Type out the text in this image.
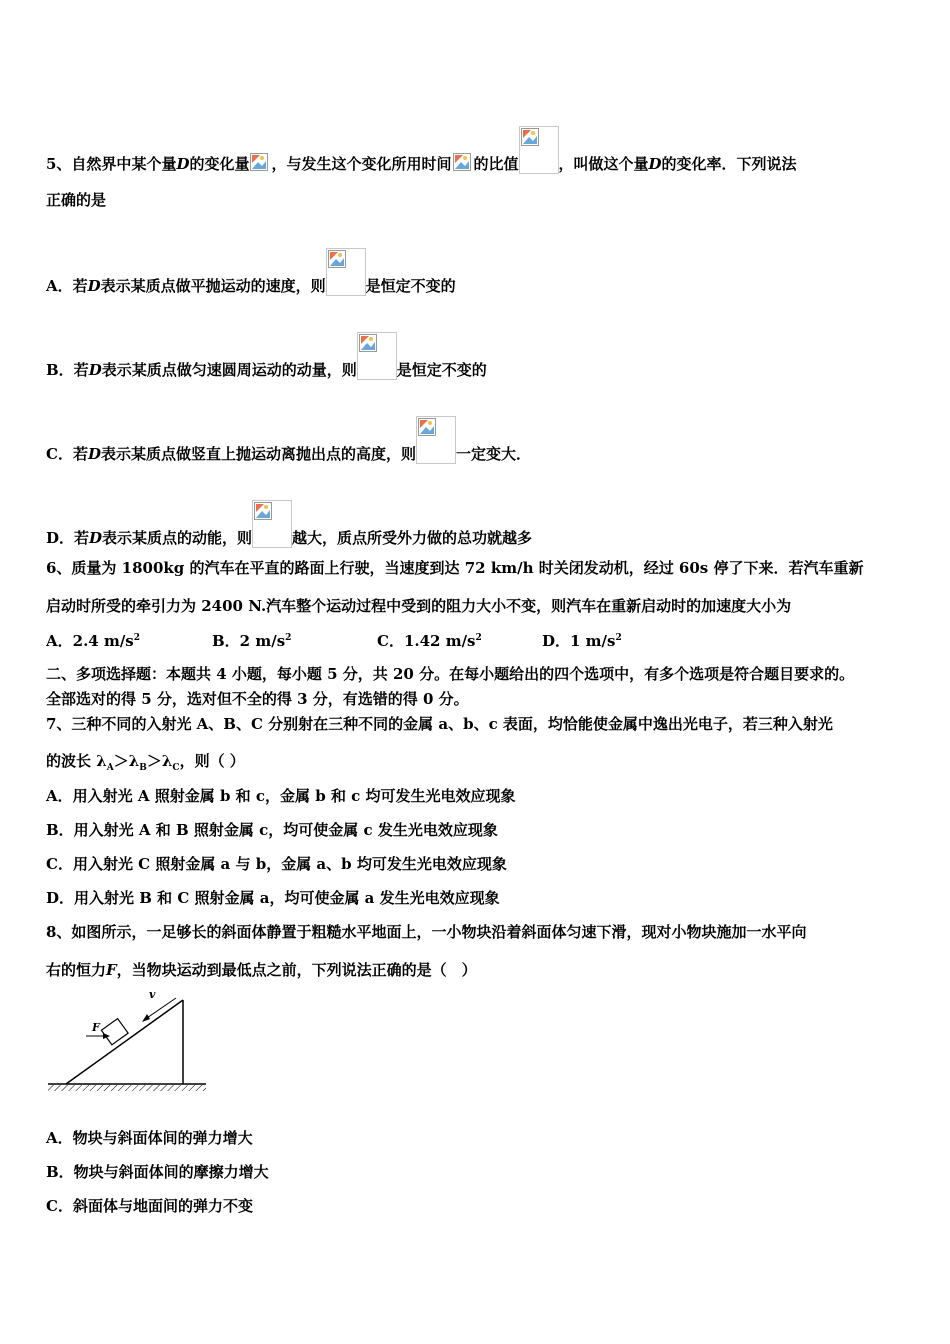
5、自然界中某个量D的变化量 ，与发生这个变化所用时间 的比值	，叫做这个量D的变化率．下列说法
正确的是
A．若D表示某质点做平抛运动的速度，则	是恒定不变的
B．若D表示某质点做匀速圆周运动的动量，则	是恒定不变的
C．若D表示某质点做竖直上抛运动离抛出点的高度，则	一定变大．
D．若D表示某质点的动能，则	越大，质点所受外力做的总功就越多
6、质量为 1800kg 的汽车在平直的路面上行驶，当速度到达 72 km/h 时关闭发动机，经过 60s 停了下来．若汽车重新
启动时所受的牵引力为 2400 N.汽车整个运动过程中受到的阻力大小不变，则汽车在重新启动时的加速度大小为
A．2.4 $m/s^2$	B．2 $m/s^2$	C．1.42 $m/s^2$	D．1 $m/s^2$
二、多项选择题：本题共 4 小题，每小题 5 分，共 20 分。在每小题给出的四个选项中，有多个选项是符合题目要求的。
全部选对的得 5 分，选对但不全的得 3 分，有选错的得 0 分。
7、三种不同的入射光 A、B、C 分别射在三种不同的金属 a、b、c 表面，均恰能使金属中逸出光电子，若三种入射光
的波长 $\lambda_A>\lambda_B>\lambda_C$，则（ ）
A．用入射光 A 照射金属 b 和 c，金属 b 和 c 均可发生光电效应现象
B．用入射光 A 和 B 照射金属 c，均可使金属 c 发生光电效应现象
C．用入射光 C 照射金属 a 与 b，金属 a、b 均可发生光电效应现象
D．用入射光 B 和 C 照射金属 a，均可使金属 a 发生光电效应现象
8、如图所示，一足够长的斜面体静置于粗糙水平地面上，一小物块沿着斜面体匀速下滑，现对小物块施加一水平向
右的恒力F，当物块运动到最低点之前，下列说法正确的是（　）
v
F
A．物块与斜面体间的弹力增大
B．物块与斜面体间的摩擦力增大
C．斜面体与地面间的弹力不变
